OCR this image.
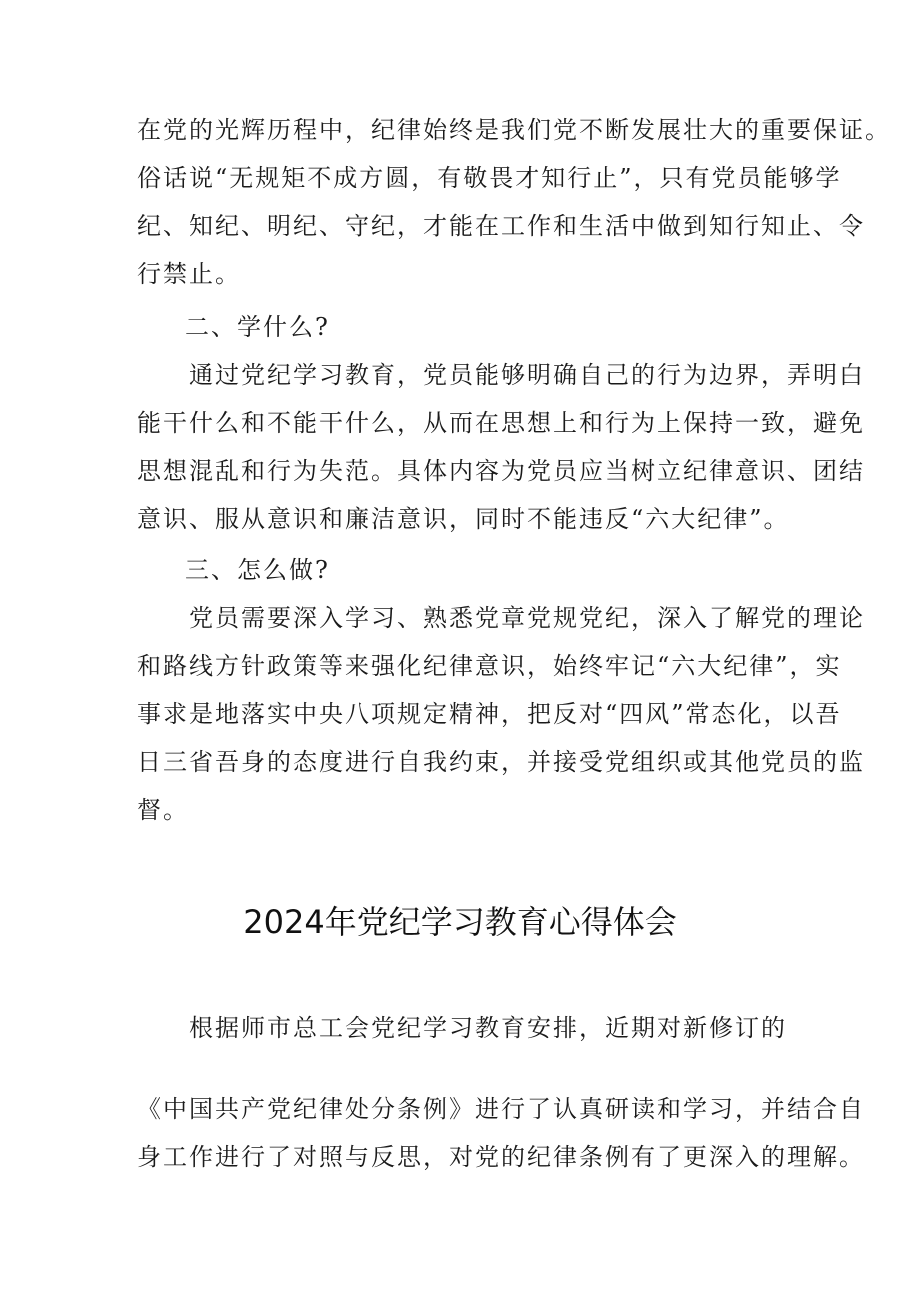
在党的光辉历程中，纪律始终是我们党不断发展壮大的重要保证。
俗话说“无规矩不成方圆，有敬畏才知行止”，只有党员能够学
纪、知纪、明纪、守纪，才能在工作和生活中做到知行知止、令
行禁止。
二、学什么?
　　通过党纪学习教育，党员能够明确自己的行为边界，弄明白
能干什么和不能干什么，从而在思想上和行为上保持一致，避免
思想混乱和行为失范。具体内容为党员应当树立纪律意识、团结
意识、服从意识和廉洁意识，同时不能违反“六大纪律”。
三、怎么做?
　　党员需要深入学习、熟悉党章党规党纪，深入了解党的理论
和路线方针政策等来强化纪律意识，始终牢记“六大纪律”，实
事求是地落实中央八项规定精神，把反对“四风”常态化，以吾
日三省吾身的态度进行自我约束，并接受党组织或其他党员的监
督。
2024年党纪学习教育心得体会
　　根据师市总工会党纪学习教育安排，近期对新修订的
《中国共产党纪律处分条例》进行了认真研读和学习，并结合自
身工作进行了对照与反思，对党的纪律条例有了更深入的理解。
